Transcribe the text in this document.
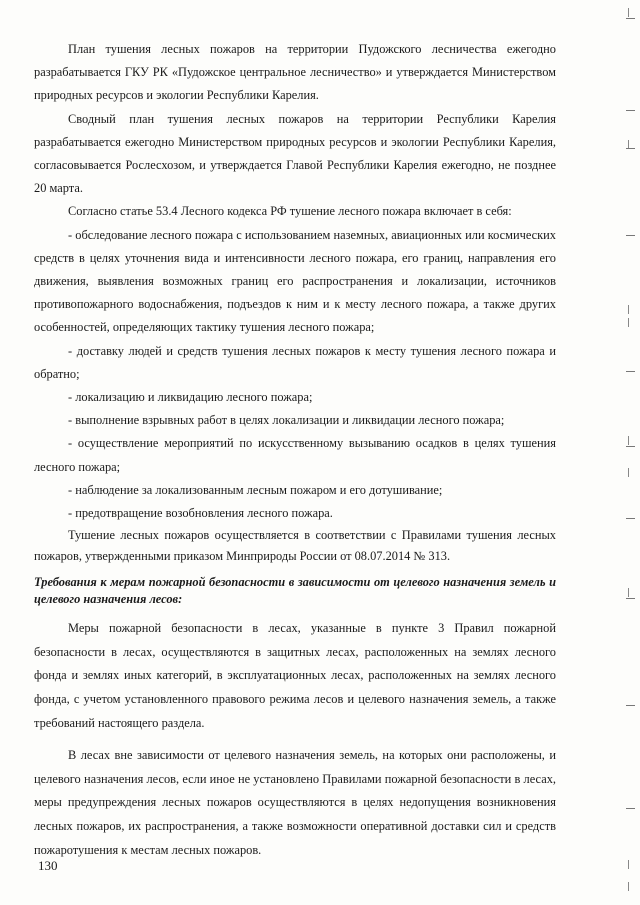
План тушения лесных пожаров на территории Пудожского лесничества ежегодно разрабатывается ГКУ РК «Пудожское центральное лесничество» и утверждается Министерством природных ресурсов и экологии Республики Карелия.

Сводный план тушения лесных пожаров на территории Республики Карелия разрабатывается ежегодно Министерством природных ресурсов и экологии Республики Карелия, согласовывается Рослесхозом, и утверждается Главой Республики Карелия ежегодно, не позднее 20 марта.

Согласно статье 53.4 Лесного кодекса РФ тушение лесного пожара включает в себя:

- обследование лесного пожара с использованием наземных, авиационных или космических средств в целях уточнения вида и интенсивности лесного пожара, его границ, направления его движения, выявления возможных границ его распространения и локализации, источников противопожарного водоснабжения, подъездов к ним и к месту лесного пожара, а также других особенностей, определяющих тактику тушения лесного пожара;

- доставку людей и средств тушения лесных пожаров к месту тушения лесного пожара и обратно;

- локализацию и ликвидацию лесного пожара;

- выполнение взрывных работ в целях локализации и ликвидации лесного пожара;

- осуществление мероприятий по искусственному вызыванию осадков в целях тушения лесного пожара;

- наблюдение за локализованным лесным пожаром и его дотушивание;

- предотвращение возобновления лесного пожара.

Тушение лесных пожаров осуществляется в соответствии с Правилами тушения лесных пожаров, утвержденными приказом Минприроды России от 08.07.2014 № 313.

Требования к мерам пожарной безопасности в зависимости от целевого назначения земель и целевого назначения лесов:

Меры пожарной безопасности в лесах, указанные в пункте 3 Правил пожарной безопасности в лесах, осуществляются в защитных лесах, расположенных на землях лесного фонда и землях иных категорий, в эксплуатационных лесах, расположенных на землях лесного фонда, с учетом установленного правового режима лесов и целевого назначения земель, а также требований настоящего раздела.

В лесах вне зависимости от целевого назначения земель, на которых они расположены, и целевого назначения лесов, если иное не установлено Правилами пожарной безопасности в лесах, меры предупреждения лесных пожаров осуществляются в целях недопущения возникновения лесных пожаров, их распространения, а также возможности оперативной доставки сил и средств пожаротушения к местам лесных пожаров.

130
